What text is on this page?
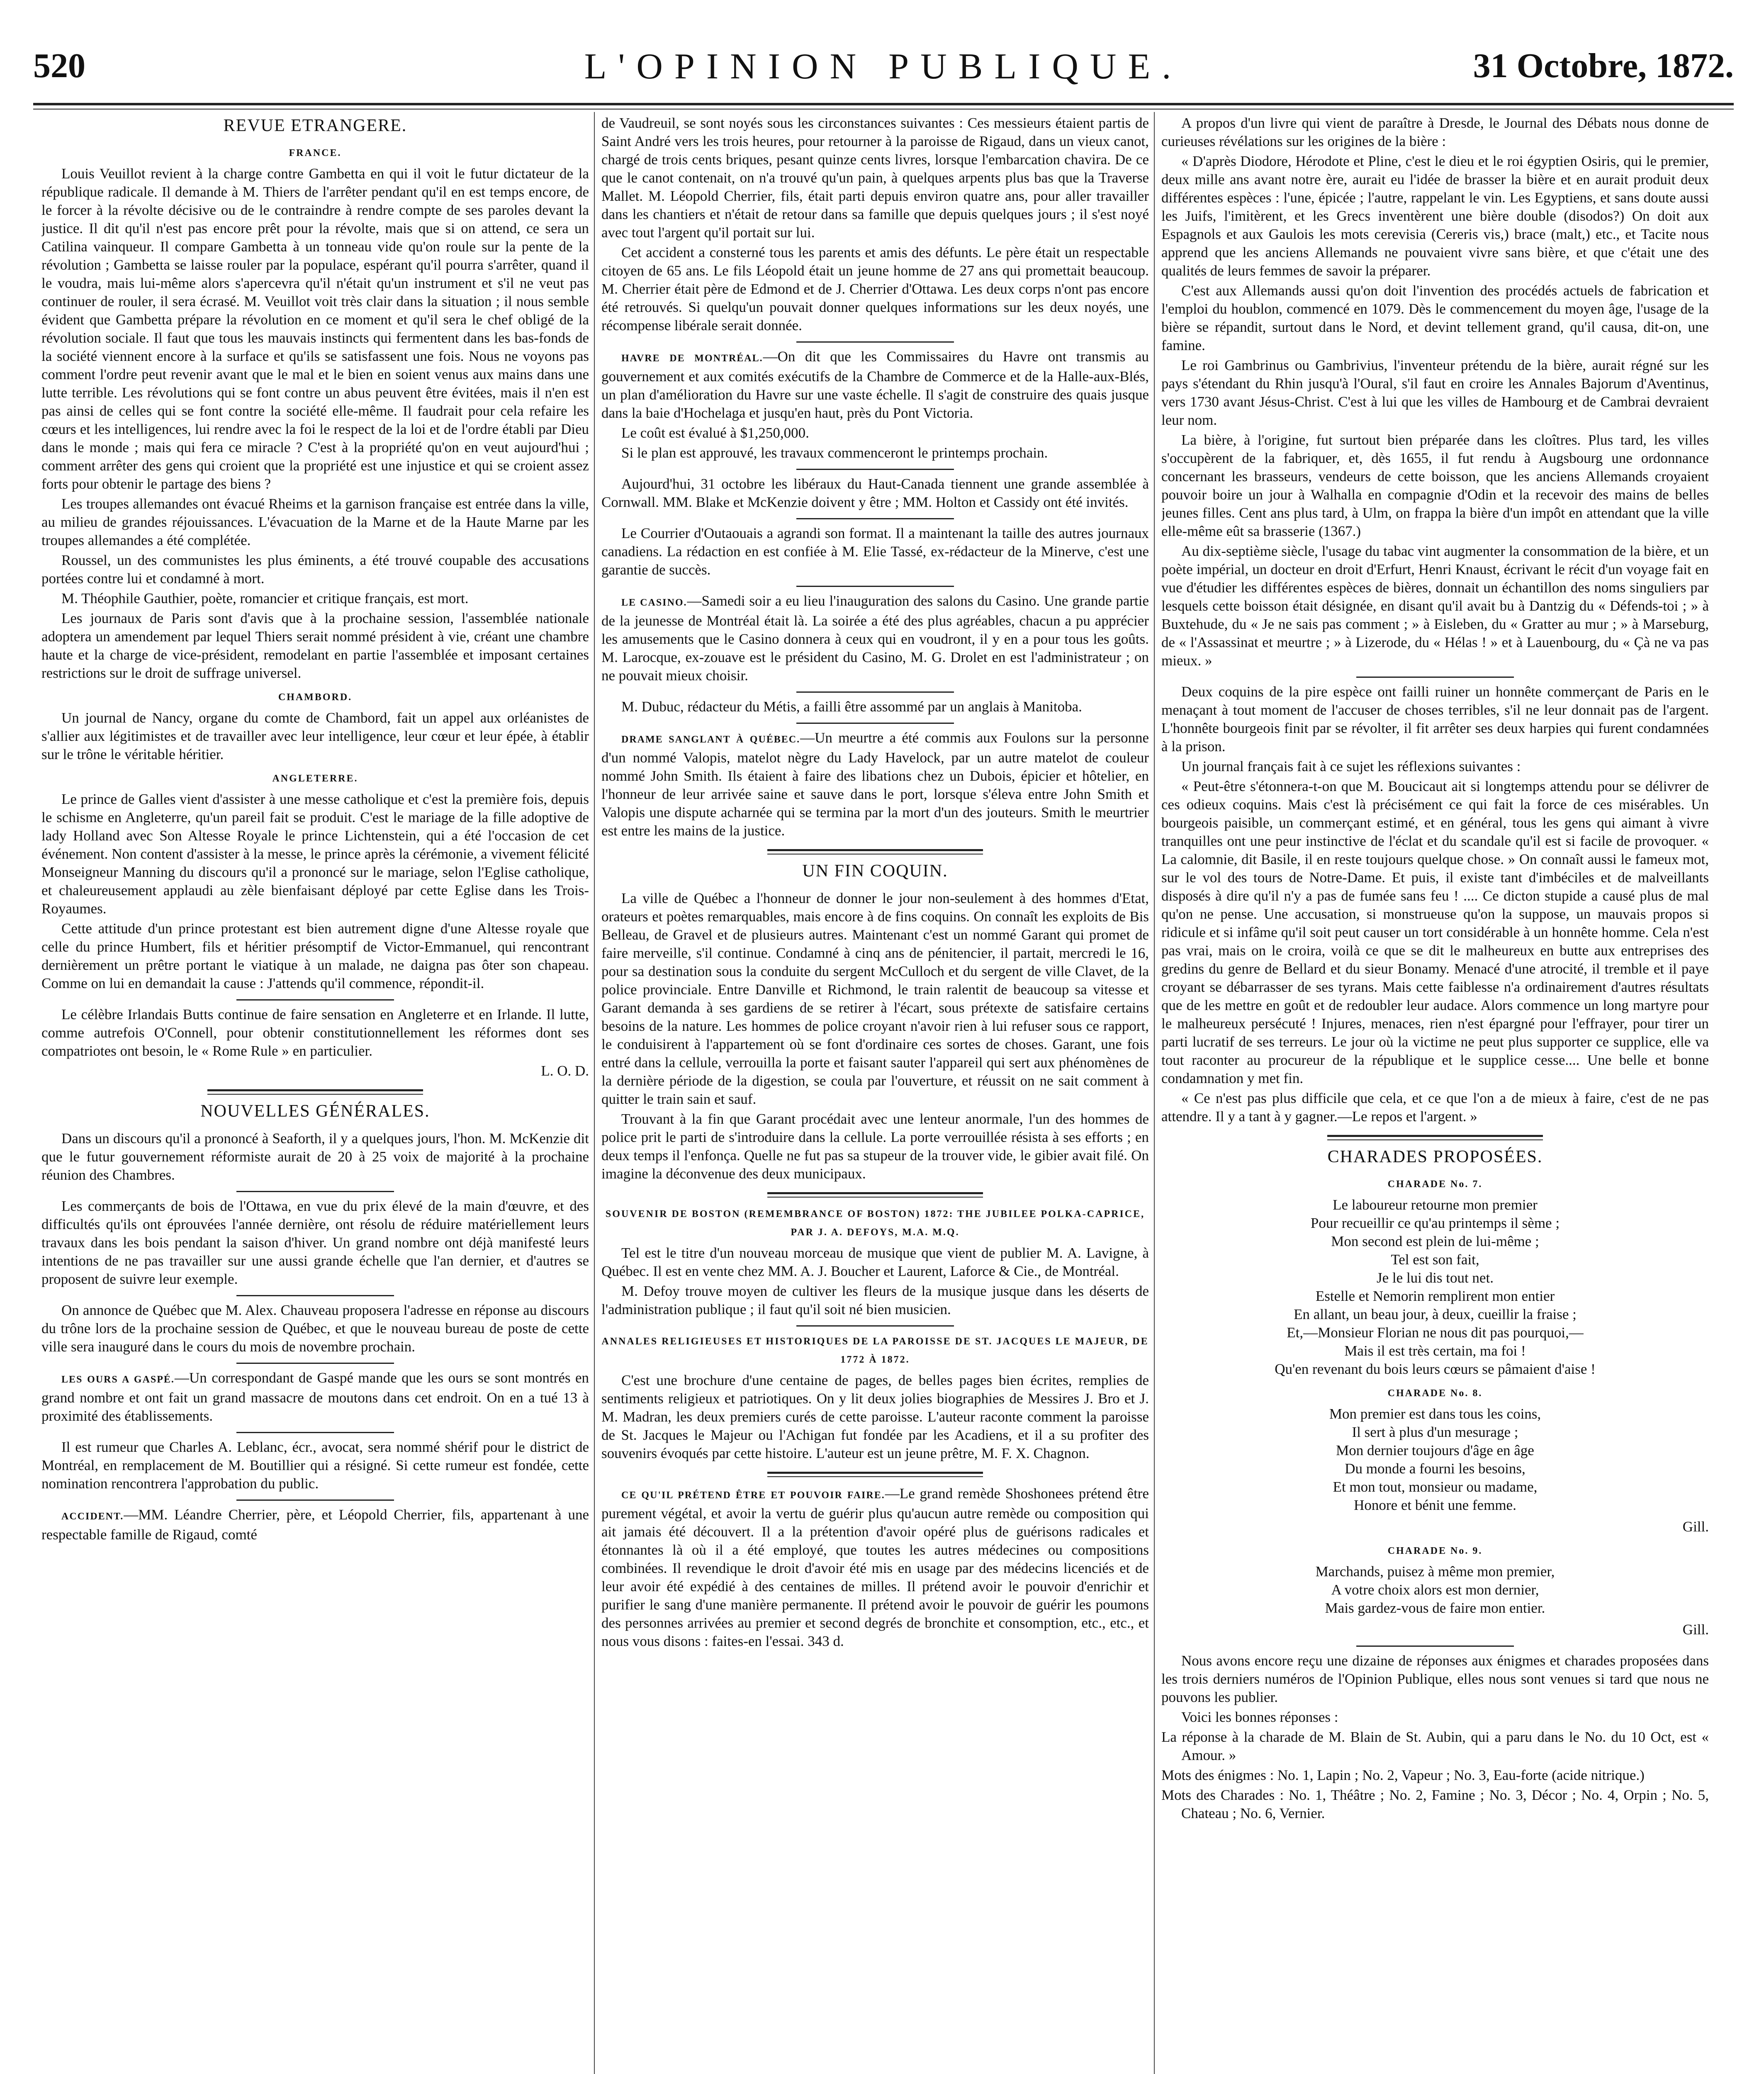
520	L'OPINION PUBLIQUE.	31 Octobre, 1872.
REVUE ETRANGERE.
FRANCE.

Louis Veuillot revient à la charge contre Gambetta en qui il voit le futur dictateur de la république radicale. Il demande à M. Thiers de l'arrêter pendant qu'il en est temps encore, de le forcer à la révolte décisive ou de le contraindre à rendre compte de ses paroles devant la justice. Il dit qu'il n'est pas encore prêt pour la révolte, mais que si on attend, ce sera un Catilina vainqueur. Il compare Gambetta à un tonneau vide qu'on roule sur la pente de la révolution ; Gambetta se laisse rouler par la populace, espérant qu'il pourra s'arrêter, quand il le voudra, mais lui-même alors s'apercevra qu'il n'était qu'un instrument et s'il ne veut pas continuer de rouler, il sera écrasé. M. Veuillot voit très clair dans la situation ; il nous semble évident que Gambetta prépare la révolution en ce moment et qu'il sera le chef obligé de la révolution sociale. Il faut que tous les mauvais instincts qui fermentent dans les bas-fonds de la société viennent encore à la surface et qu'ils se satisfassent une fois. Nous ne voyons pas comment l'ordre peut revenir avant que le mal et le bien en soient venus aux mains dans une lutte terrible. Les révolutions qui se font contre un abus peuvent être évitées, mais il n'en est pas ainsi de celles qui se font contre la société elle-même. Il faudrait pour cela refaire les cœurs et les intelligences, lui rendre avec la foi le respect de la loi et de l'ordre établi par Dieu dans le monde ; mais qui fera ce miracle ? C'est à la propriété qu'on en veut aujourd'hui ; comment arrêter des gens qui croient que la propriété est une injustice et qui se croient assez forts pour obtenir le partage des biens ?

Les troupes allemandes ont évacué Rheims et la garnison française est entrée dans la ville, au milieu de grandes réjouissances. L'évacuation de la Marne et de la Haute Marne par les troupes allemandes a été complétée.

Roussel, un des communistes les plus éminents, a été trouvé coupable des accusations portées contre lui et condamné à mort.

M. Théophile Gauthier, poète, romancier et critique français, est mort.

Les journaux de Paris sont d'avis que à la prochaine session, l'assemblée nationale adoptera un amendement par lequel Thiers serait nommé président à vie, créant une chambre haute et la charge de vice-président, remodelant en partie l'assemblée et imposant certaines restrictions sur le droit de suffrage universel.

CHAMBORD.

Un journal de Nancy, organe du comte de Chambord, fait un appel aux orléanistes de s'allier aux légitimistes et de travailler avec leur intelligence, leur cœur et leur épée, à établir sur le trône le véritable héritier.

ANGLETERRE.

Le prince de Galles vient d'assister à une messe catholique et c'est la première fois, depuis le schisme en Angleterre, qu'un pareil fait se produit. C'est le mariage de la fille adoptive de lady Holland avec Son Altesse Royale le prince Lichtenstein, qui a été l'occasion de cet événement. Non content d'assister à la messe, le prince après la cérémonie, a vivement félicité Monseigneur Manning du discours qu'il a prononcé sur le mariage, selon l'Eglise catholique, et chaleureusement applaudi au zèle bienfaisant déployé par cette Eglise dans les Trois-Royaumes.

Cette attitude d'un prince protestant est bien autrement digne d'une Altesse royale que celle du prince Humbert, fils et héritier présomptif de Victor-Emmanuel, qui rencontrant dernièrement un prêtre portant le viatique à un malade, ne daigna pas ôter son chapeau. Comme on lui en demandait la cause : J'attends qu'il commence, répondit-il.

Le célèbre Irlandais Butts continue de faire sensation en Angleterre et en Irlande. Il lutte, comme autrefois O'Connell, pour obtenir constitutionnellement les réformes dont ses compatriotes ont besoin, le « Rome Rule » en particulier.

L. O. D.

NOUVELLES GÉNÉRALES.

Dans un discours qu'il a prononcé à Seaforth, il y a quelques jours, l'hon. M. McKenzie dit que le futur gouvernement réformiste aurait de 20 à 25 voix de majorité à la prochaine réunion des Chambres.

Les commerçants de bois de l'Ottawa, en vue du prix élevé de la main d'œuvre, et des difficultés qu'ils ont éprouvées l'année dernière, ont résolu de réduire matériellement leurs travaux dans les bois pendant la saison d'hiver. Un grand nombre ont déjà manifesté leurs intentions de ne pas travailler sur une aussi grande échelle que l'an dernier, et d'autres se proposent de suivre leur exemple.

On annonce de Québec que M. Alex. Chauveau proposera l'adresse en réponse au discours du trône lors de la prochaine session de Québec, et que le nouveau bureau de poste de cette ville sera inauguré dans le cours du mois de novembre prochain.

LES OURS A GASPÉ.—Un correspondant de Gaspé mande que les ours se sont montrés en grand nombre et ont fait un grand massacre de moutons dans cet endroit. On en a tué 13 à proximité des établissements.

Il est rumeur que Charles A. Leblanc, écr., avocat, sera nommé shérif pour le district de Montréal, en remplacement de M. Boutillier qui a résigné. Si cette rumeur est fondée, cette nomination rencontrera l'approbation du public.

ACCIDENT.—MM. Léandre Cherrier, père, et Léopold Cherrier, fils, appartenant à une respectable famille de Rigaud, comté

de Vaudreuil, se sont noyés sous les circonstances suivantes : Ces messieurs étaient partis de Saint André vers les trois heures, pour retourner à la paroisse de Rigaud, dans un vieux canot, chargé de trois cents briques, pesant quinze cents livres, lorsque l'embarcation chavira. De ce que le canot contenait, on n'a trouvé qu'un pain, à quelques arpents plus bas que la Traverse Mallet. M. Léopold Cherrier, fils, était parti depuis environ quatre ans, pour aller travailler dans les chantiers et n'était de retour dans sa famille que depuis quelques jours ; il s'est noyé avec tout l'argent qu'il portait sur lui.

Cet accident a consterné tous les parents et amis des défunts. Le père était un respectable citoyen de 65 ans. Le fils Léopold était un jeune homme de 27 ans qui promettait beaucoup. M. Cherrier était père de Edmond et de J. Cherrier d'Ottawa. Les deux corps n'ont pas encore été retrouvés. Si quelqu'un pouvait donner quelques informations sur les deux noyés, une récompense libérale serait donnée.

HAVRE DE MONTRÉAL.—On dit que les Commissaires du Havre ont transmis au gouvernement et aux comités exécutifs de la Chambre de Commerce et de la Halle-aux-Blés, un plan d'amélioration du Havre sur une vaste échelle. Il s'agit de construire des quais jusque dans la baie d'Hochelaga et jusqu'en haut, près du Pont Victoria.

Le coût est évalué à $1,250,000.

Si le plan est approuvé, les travaux commenceront le printemps prochain.

Aujourd'hui, 31 octobre les libéraux du Haut-Canada tiennent une grande assemblée à Cornwall. MM. Blake et McKenzie doivent y être ; MM. Holton et Cassidy ont été invités.

Le Courrier d'Outaouais a agrandi son format. Il a maintenant la taille des autres journaux canadiens. La rédaction en est confiée à M. Elie Tassé, ex-rédacteur de la Minerve, c'est une garantie de succès.

LE CASINO.—Samedi soir a eu lieu l'inauguration des salons du Casino. Une grande partie de la jeunesse de Montréal était là. La soirée a été des plus agréables, chacun a pu apprécier les amusements que le Casino donnera à ceux qui en voudront, il y en a pour tous les goûts. M. Larocque, ex-zouave est le président du Casino, M. G. Drolet en est l'administrateur ; on ne pouvait mieux choisir.

M. Dubuc, rédacteur du Métis, a failli être assommé par un anglais à Manitoba.

DRAME SANGLANT À QUÉBEC.—Un meurtre a été commis aux Foulons sur la personne d'un nommé Valopis, matelot nègre du Lady Havelock, par un autre matelot de couleur nommé John Smith. Ils étaient à faire des libations chez un Dubois, épicier et hôtelier, en l'honneur de leur arrivée saine et sauve dans le port, lorsque s'éleva entre John Smith et Valopis une dispute acharnée qui se termina par la mort d'un des jouteurs. Smith le meurtrier est entre les mains de la justice.

UN FIN COQUIN.

La ville de Québec a l'honneur de donner le jour non-seulement à des hommes d'Etat, orateurs et poètes remarquables, mais encore à de fins coquins. On connaît les exploits de Bis Belleau, de Gravel et de plusieurs autres. Maintenant c'est un nommé Garant qui promet de faire merveille, s'il continue. Condamné à cinq ans de pénitencier, il partait, mercredi le 16, pour sa destination sous la conduite du sergent McCulloch et du sergent de ville Clavet, de la police provinciale. Entre Danville et Richmond, le train ralentit de beaucoup sa vitesse et Garant demanda à ses gardiens de se retirer à l'écart, sous prétexte de satisfaire certains besoins de la nature. Les hommes de police croyant n'avoir rien à lui refuser sous ce rapport, le conduisirent à l'appartement où se font d'ordinaire ces sortes de choses. Garant, une fois entré dans la cellule, verrouilla la porte et faisant sauter l'appareil qui sert aux phénomènes de la dernière période de la digestion, se coula par l'ouverture, et réussit on ne sait comment à quitter le train sain et sauf.

Trouvant à la fin que Garant procédait avec une lenteur anormale, l'un des hommes de police prit le parti de s'introduire dans la cellule. La porte verrouillée résista à ses efforts ; en deux temps il l'enfonça. Quelle ne fut pas sa stupeur de la trouver vide, le gibier avait filé. On imagine la déconvenue des deux municipaux.

SOUVENIR DE BOSTON (REMEMBRANCE OF BOSTON) 1872: THE JUBILEE POLKA-CAPRICE, PAR J. A. DEFOYS, M.A. M.Q.

Tel est le titre d'un nouveau morceau de musique que vient de publier M. A. Lavigne, à Québec. Il est en vente chez MM. A. J. Boucher et Laurent, Laforce & Cie., de Montréal.

M. Defoy trouve moyen de cultiver les fleurs de la musique jusque dans les déserts de l'administration publique ; il faut qu'il soit né bien musicien.

ANNALES RELIGIEUSES ET HISTORIQUES DE LA PAROISSE DE ST. JACQUES LE MAJEUR, DE 1772 À 1872.

C'est une brochure d'une centaine de pages, de belles pages bien écrites, remplies de sentiments religieux et patriotiques. On y lit deux jolies biographies de Messires J. Bro et J. M. Madran, les deux premiers curés de cette paroisse. L'auteur raconte comment la paroisse de St. Jacques le Majeur ou l'Achigan fut fondée par les Acadiens, et il a su profiter des souvenirs évoqués par cette histoire. L'auteur est un jeune prêtre, M. F. X. Chagnon.

CE QU'IL PRÉTEND ÊTRE ET POUVOIR FAIRE.—Le grand remède Shoshonees prétend être purement végétal, et avoir la vertu de guérir plus qu'aucun autre remède ou composition qui ait jamais été découvert. Il a la prétention d'avoir opéré plus de guérisons radicales et étonnantes là où il a été employé, que toutes les autres médecines ou compositions combinées. Il revendique le droit d'avoir été mis en usage par des médecins licenciés et de leur avoir été expédié à des centaines de milles. Il prétend avoir le pouvoir d'enrichir et purifier le sang d'une manière permanente. Il prétend avoir le pouvoir de guérir les poumons des personnes arrivées au premier et second degrés de bronchite et consomption, etc., etc., et nous vous disons : faites-en l'essai. 343 d.

A propos d'un livre qui vient de paraître à Dresde, le Journal des Débats nous donne de curieuses révélations sur les origines de la bière :

« D'après Diodore, Hérodote et Pline, c'est le dieu et le roi égyptien Osiris, qui le premier, deux mille ans avant notre ère, aurait eu l'idée de brasser la bière et en aurait produit deux différentes espèces : l'une, épicée ; l'autre, rappelant le vin. Les Egyptiens, et sans doute aussi les Juifs, l'imitèrent, et les Grecs inventèrent une bière double (disodos?) On doit aux Espagnols et aux Gaulois les mots cerevisia (Cereris vis,) brace (malt,) etc., et Tacite nous apprend que les anciens Allemands ne pouvaient vivre sans bière, et que c'était une des qualités de leurs femmes de savoir la préparer.

C'est aux Allemands aussi qu'on doit l'invention des procédés actuels de fabrication et l'emploi du houblon, commencé en 1079. Dès le commencement du moyen âge, l'usage de la bière se répandit, surtout dans le Nord, et devint tellement grand, qu'il causa, dit-on, une famine.

Le roi Gambrinus ou Gambrivius, l'inventeur prétendu de la bière, aurait régné sur les pays s'étendant du Rhin jusqu'à l'Oural, s'il faut en croire les Annales Bajorum d'Aventinus, vers 1730 avant Jésus-Christ. C'est à lui que les villes de Hambourg et de Cambrai devraient leur nom.

La bière, à l'origine, fut surtout bien préparée dans les cloîtres. Plus tard, les villes s'occupèrent de la fabriquer, et, dès 1655, il fut rendu à Augsbourg une ordonnance concernant les brasseurs, vendeurs de cette boisson, que les anciens Allemands croyaient pouvoir boire un jour à Walhalla en compagnie d'Odin et la recevoir des mains de belles jeunes filles. Cent ans plus tard, à Ulm, on frappa la bière d'un impôt en attendant que la ville elle-même eût sa brasserie (1367.)

Au dix-septième siècle, l'usage du tabac vint augmenter la consommation de la bière, et un poète impérial, un docteur en droit d'Erfurt, Henri Knaust, écrivant le récit d'un voyage fait en vue d'étudier les différentes espèces de bières, donnait un échantillon des noms singuliers par lesquels cette boisson était désignée, en disant qu'il avait bu à Dantzig du « Défends-toi ; » à Buxtehude, du « Je ne sais pas comment ; » à Eisleben, du « Gratter au mur ; » à Marseburg, de « l'Assassinat et meurtre ; » à Lizerode, du « Hélas ! » et à Lauenbourg, du « Çà ne va pas mieux. »

Deux coquins de la pire espèce ont failli ruiner un honnête commerçant de Paris en le menaçant à tout moment de l'accuser de choses terribles, s'il ne leur donnait pas de l'argent. L'honnête bourgeois finit par se révolter, il fit arrêter ses deux harpies qui furent condamnées à la prison.

Un journal français fait à ce sujet les réflexions suivantes :

« Peut-être s'étonnera-t-on que M. Boucicaut ait si longtemps attendu pour se délivrer de ces odieux coquins. Mais c'est là précisément ce qui fait la force de ces misérables. Un bourgeois paisible, un commerçant estimé, et en général, tous les gens qui aimant à vivre tranquilles ont une peur instinctive de l'éclat et du scandale qu'il est si facile de provoquer. « La calomnie, dit Basile, il en reste toujours quelque chose. » On connaît aussi le fameux mot, sur le vol des tours de Notre-Dame. Et puis, il existe tant d'imbéciles et de malveillants disposés à dire qu'il n'y a pas de fumée sans feu ! .... Ce dicton stupide a causé plus de mal qu'on ne pense. Une accusation, si monstrueuse qu'on la suppose, un mauvais propos si ridicule et si infâme qu'il soit peut causer un tort considérable à un honnête homme. Cela n'est pas vrai, mais on le croira, voilà ce que se dit le malheureux en butte aux entreprises des gredins du genre de Bellard et du sieur Bonamy. Menacé d'une atrocité, il tremble et il paye croyant se débarrasser de ses tyrans. Mais cette faiblesse n'a ordinairement d'autres résultats que de les mettre en goût et de redoubler leur audace. Alors commence un long martyre pour le malheureux persécuté ! Injures, menaces, rien n'est épargné pour l'effrayer, pour tirer un parti lucratif de ses terreurs. Le jour où la victime ne peut plus supporter ce supplice, elle va tout raconter au procureur de la république et le supplice cesse.... Une belle et bonne condamnation y met fin.

« Ce n'est pas plus difficile que cela, et ce que l'on a de mieux à faire, c'est de ne pas attendre. Il y a tant à y gagner.—Le repos et l'argent. »

CHARADES PROPOSÉES.
CHARADE No. 7.
Le laboureur retourne mon premier
Pour recueillir ce qu'au printemps il sème ;
Mon second est plein de lui-même ;
Tel est son fait,
Je le lui dis tout net.
Estelle et Nemorin remplirent mon entier
En allant, un beau jour, à deux, cueillir la fraise ;
Et,—Monsieur Florian ne nous dit pas pourquoi,—
Mais il est très certain, ma foi !
Qu'en revenant du bois leurs cœurs se pâmaient d'aise !
CHARADE No. 8.
Mon premier est dans tous les coins,
Il sert à plus d'un mesurage ;
Mon dernier toujours d'âge en âge
Du monde a fourni les besoins,
Et mon tout, monsieur ou madame,
Honore et bénit une femme.

Gill.

CHARADE No. 9.
Marchands, puisez à même mon premier,
A votre choix alors est mon dernier,
Mais gardez-vous de faire mon entier.

Gill.

Nous avons encore reçu une dizaine de réponses aux énigmes et charades proposées dans les trois derniers numéros de l'Opinion Publique, elles nous sont venues si tard que nous ne pouvons les publier.

Voici les bonnes réponses :

La réponse à la charade de M. Blain de St. Aubin, qui a paru dans le No. du 10 Oct, est « Amour. »

Mots des énigmes : No. 1, Lapin ; No. 2, Vapeur ; No. 3, Eau-forte (acide nitrique.)

Mots des Charades : No. 1, Théâtre ; No. 2, Famine ; No. 3, Décor ; No. 4, Orpin ; No. 5, Chateau ; No. 6, Vernier.
